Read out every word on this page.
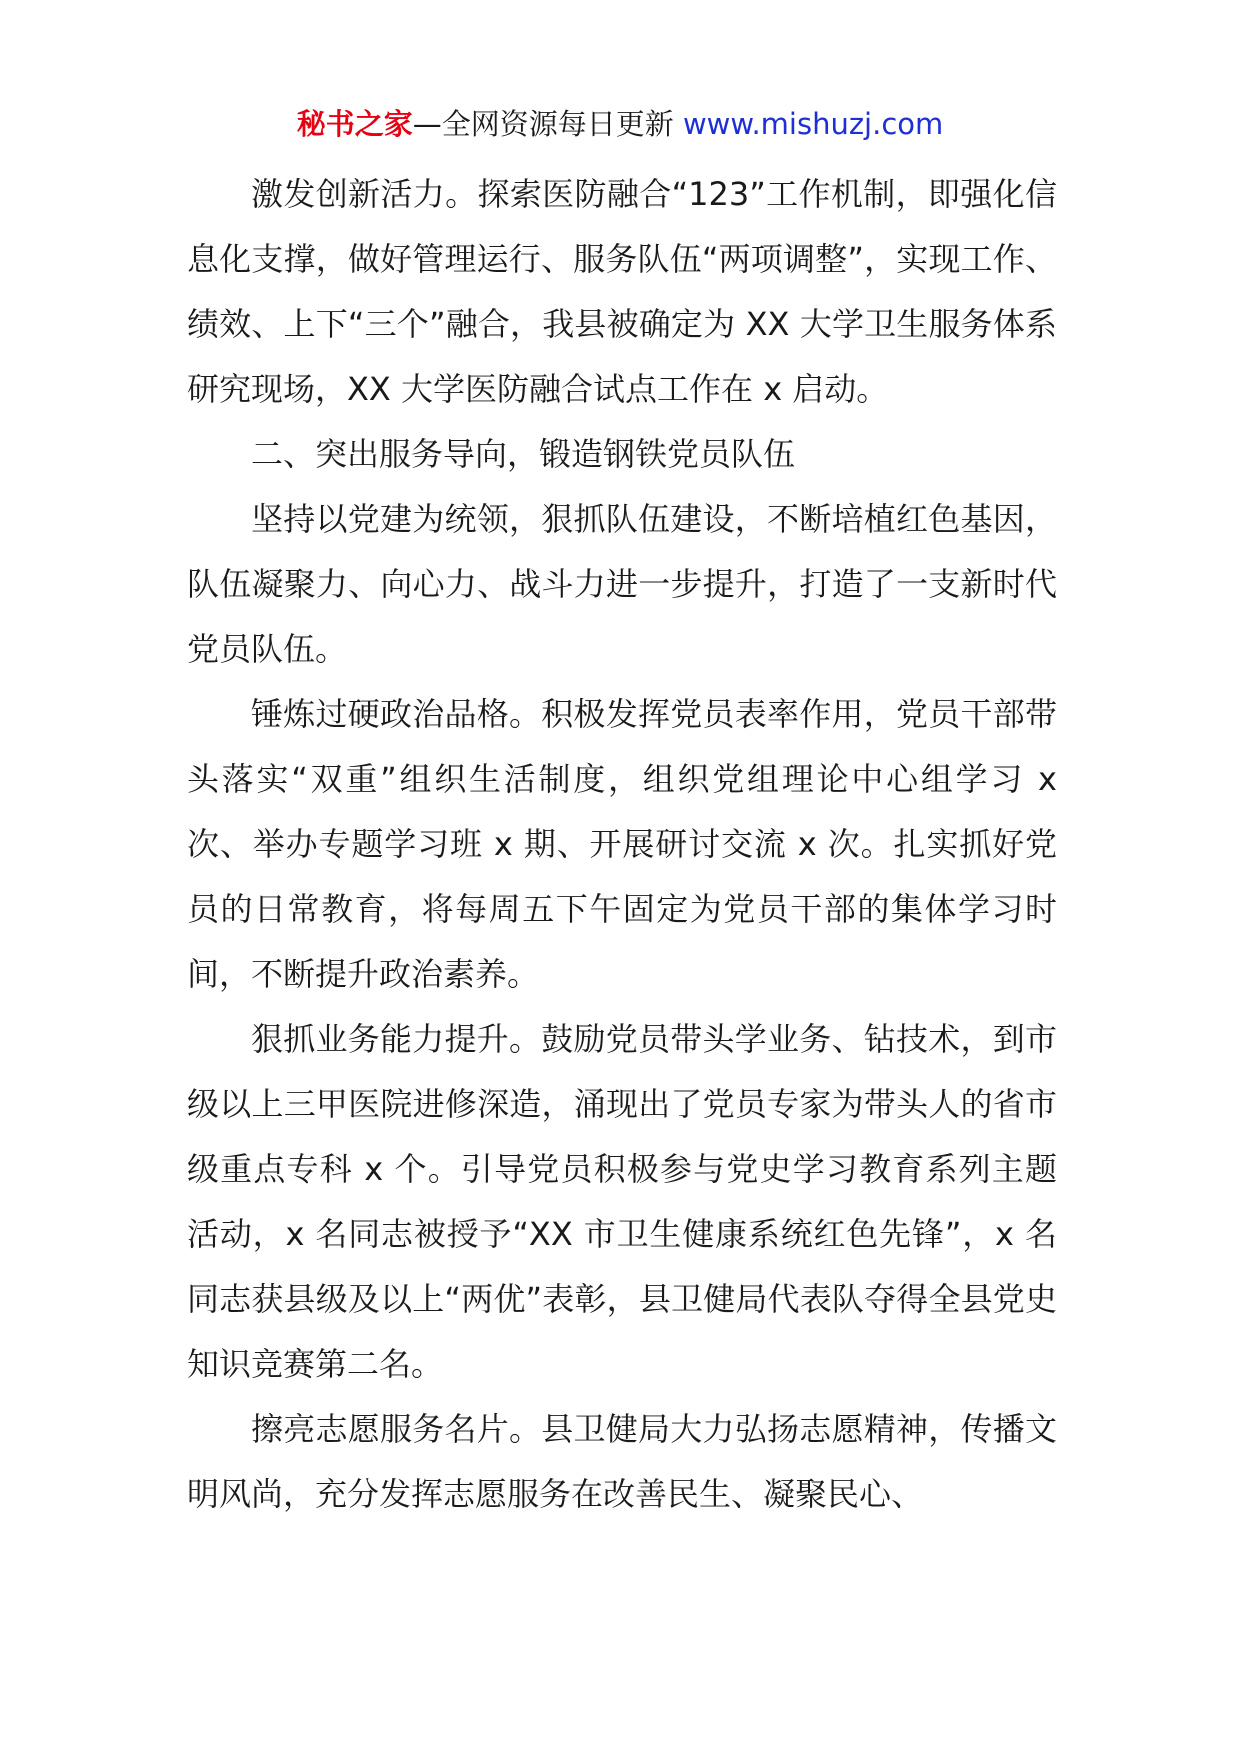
秘书之家—全网资源每日更新 www.mishuzj.com

激发创新活力。探索医防融合“123”工作机制，即强化信息化支撑，做好管理运行、服务队伍“两项调整”，实现工作、绩效、上下“三个”融合，我县被确定为 XX 大学卫生服务体系研究现场，XX 大学医防融合试点工作在 x 启动。

二、突出服务导向，锻造钢铁党员队伍

坚持以党建为统领，狠抓队伍建设，不断培植红色基因，队伍凝聚力、向心力、战斗力进一步提升，打造了一支新时代党员队伍。

锤炼过硬政治品格。积极发挥党员表率作用，党员干部带头落实“双重”组织生活制度，组织党组理论中心组学习 x 次、举办专题学习班 x 期、开展研讨交流 x 次。扎实抓好党员的日常教育，将每周五下午固定为党员干部的集体学习时间，不断提升政治素养。

狠抓业务能力提升。鼓励党员带头学业务、钻技术，到市级以上三甲医院进修深造，涌现出了党员专家为带头人的省市级重点专科 x 个。引导党员积极参与党史学习教育系列主题活动，x 名同志被授予“XX 市卫生健康系统红色先锋”，x 名同志获县级及以上“两优”表彰，县卫健局代表队夺得全县党史知识竞赛第二名。

擦亮志愿服务名片。县卫健局大力弘扬志愿精神，传播文明风尚，充分发挥志愿服务在改善民生、凝聚民心、
